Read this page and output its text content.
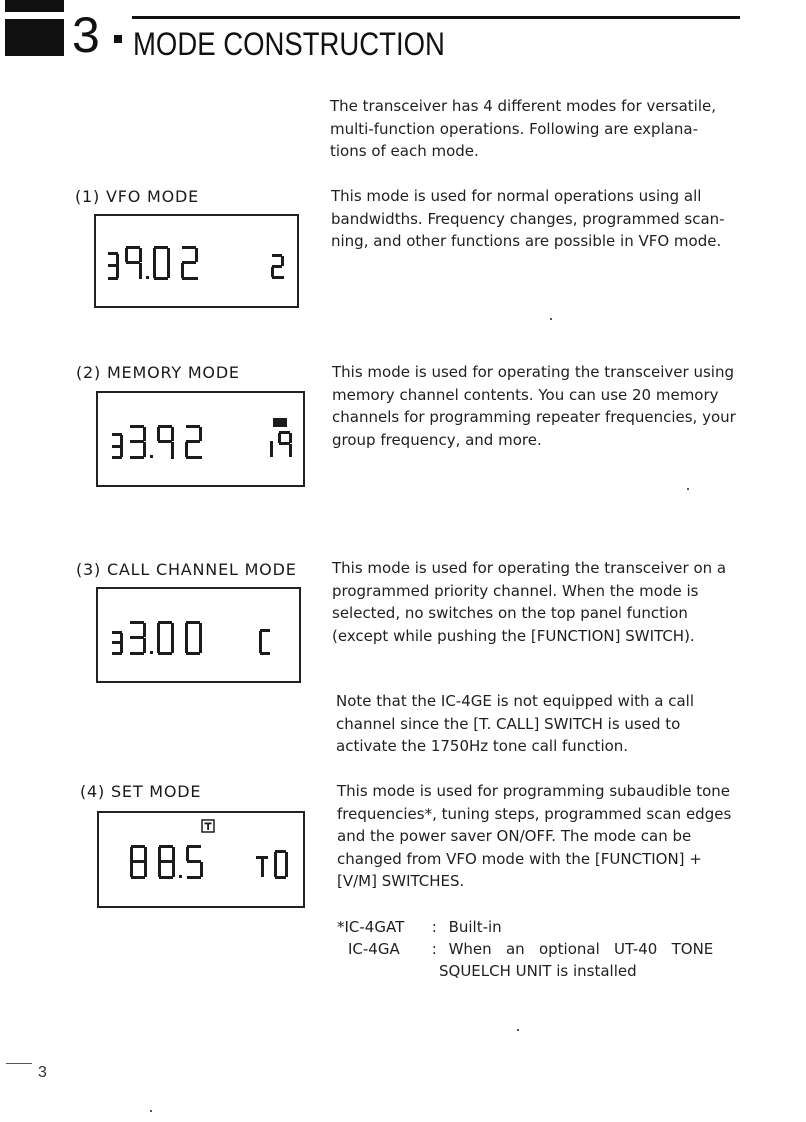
3 MODE CONSTRUCTION
The transceiver has 4 different modes for versatile,
multi-function operations. Following are explana-
tions of each mode.
(1) VFO MODE	This mode is used for normal operations using all
bandwidths. Frequency changes, programmed scan-
ning, and other functions are possible in VFO mode.
(2) MEMORY MODE	This mode is used for operating the transceiver using
memory channel contents. You can use 20 memory
channels for programming repeater frequencies, your
group frequency, and more.
(3) CALL CHANNEL MODE This mode is used for operating the transceiver on a
programmed priority channel. When the mode is
selected, no switches on the top panel function
(except while pushing the [FUNCTION] SWITCH).
Note that the IC-4GE is not equipped with a call
channel since the [T. CALL] SWITCH is used to
activate the 1750Hz tone call function.
(4) SET MODE	This mode is used for programming subaudible tone
frequencies*, tuning steps, programmed scan edges
and the power saver ON/OFF. The mode can be
changed from VFO mode with the [FUNCTION] +
[V/M] SWITCHES.
*IC-4GAT : Built-in
IC-4GA : When   an   optional   UT-40   TONE
SQUELCH UNIT is installed
3
